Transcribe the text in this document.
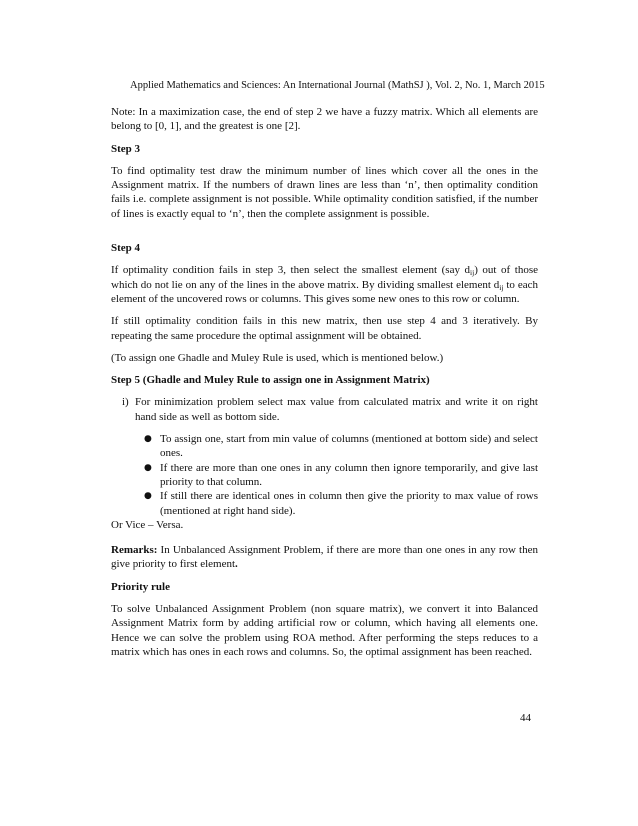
Applied Mathematics and Sciences: An International Journal (MathSJ ), Vol. 2, No. 1, March 2015

Note: In a maximization case, the end of step 2 we have a fuzzy matrix. Which all elements are belong to [0, 1], and the greatest is one [2].

Step 3

To find optimality test draw the minimum number of lines which cover all the ones in the Assignment matrix. If the numbers of drawn lines are less than ‘n’, then optimality condition fails i.e. complete assignment is not possible. While optimality condition satisfied, if the number of lines is exactly equal to ‘n’, then the complete assignment is possible.

Step 4

If optimality condition fails in step 3, then select the smallest element (say $d_{ij}$) out of those which do not lie on any of the lines in the above matrix. By dividing smallest element $d_{ij}$ to each element of the uncovered rows or columns. This gives some new ones to this row or column.

If still optimality condition fails in this new matrix, then use step 4 and 3 iteratively. By repeating the same procedure the optimal assignment will be obtained.

(To assign one Ghadle and Muley Rule is used, which is mentioned below.)

Step 5 (Ghadle and Muley Rule to assign one in Assignment Matrix)

i) For minimization problem select max value from calculated matrix and write it on right hand side as well as bottom side.
● To assign one, start from min value of columns (mentioned at bottom side) and select ones.
● If there are more than one ones in any column then ignore temporarily, and give last priority to that column.
● If still there are identical ones in column then give the priority to max value of rows (mentioned at right hand side).

Or Vice – Versa.

Remarks: In Unbalanced Assignment Problem, if there are more than one ones in any row then give priority to first element.

Priority rule

To solve Unbalanced Assignment Problem (non square matrix), we convert it into Balanced Assignment Matrix form by adding artificial row or column, which having all elements one. Hence we can solve the problem using ROA method. After performing the steps reduces to a matrix which has ones in each rows and columns. So, the optimal assignment has been reached.

44
